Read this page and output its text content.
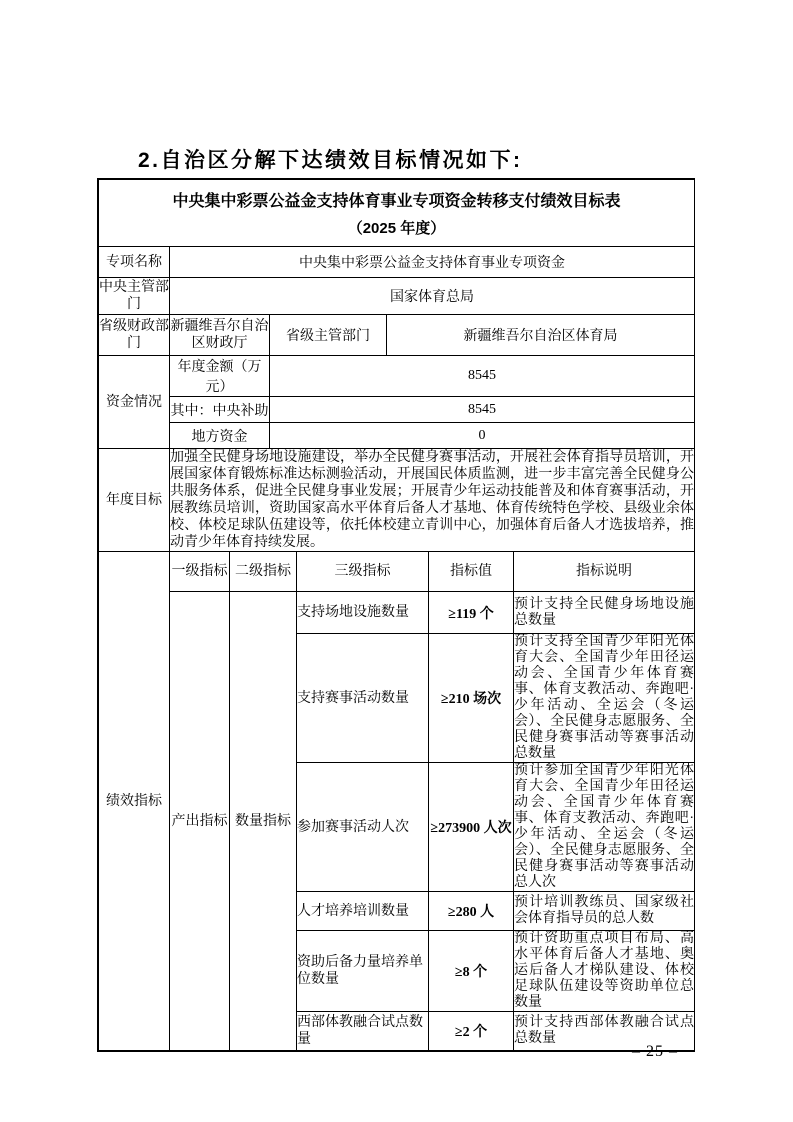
2.自治区分解下达绩效目标情况如下:
中央集中彩票公益金支持体育事业专项资金转移支付绩效目标表
（2025 年度）
专项名称	中央集中彩票公益金支持体育事业专项资金
中央主管部门	国家体育总局
省级财政部门	新疆维吾尔自治区财政厅	省级主管部门	新疆维吾尔自治区体育局
资金情况	年度金额（万元）	8545
	其中：中央补助	8545
	地方资金	0
年度目标	加强全民健身场地设施建设，举办全民健身赛事活动，开展社会体育指导员培训，开展国家体育锻炼标准达标测验活动，开展国民体质监测，进一步丰富完善全民健身公共服务体系，促进全民健身事业发展；开展青少年运动技能普及和体育赛事活动，开展教练员培训，资助国家高水平体育后备人才基地、体育传统特色学校、县级业余体校、体校足球队伍建设等，依托体校建立青训中心，加强体育后备人才选拔培养，推动青少年体育持续发展。
绩效指标	一级指标	二级指标	三级指标	指标值	指标说明
	产出指标	数量指标	支持场地设施数量	≥119 个	预计支持全民健身场地设施总数量
			支持赛事活动数量	≥210 场次	预计支持全国青少年阳光体育大会、全国青少年田径运动会、全国青少年体育赛事、体育支教活动、奔跑吧·少年活动、全运会（冬运会）、全民健身志愿服务、全民健身赛事活动等赛事活动总数量
			参加赛事活动人次	≥273900 人次	预计参加全国青少年阳光体育大会、全国青少年田径运动会、全国青少年体育赛事、体育支教活动、奔跑吧·少年活动、全运会（冬运会）、全民健身志愿服务、全民健身赛事活动等赛事活动总人次
			人才培养培训数量	≥280 人	预计培训教练员、国家级社会体育指导员的总人数
			资助后备力量培养单位数量	≥8 个	预计资助重点项目布局、高水平体育后备人才基地、奥运后备人才梯队建设、体校足球队伍建设等资助单位总数量
			西部体教融合试点数量	≥2 个	预计支持西部体教融合试点总数量
– 25 –
